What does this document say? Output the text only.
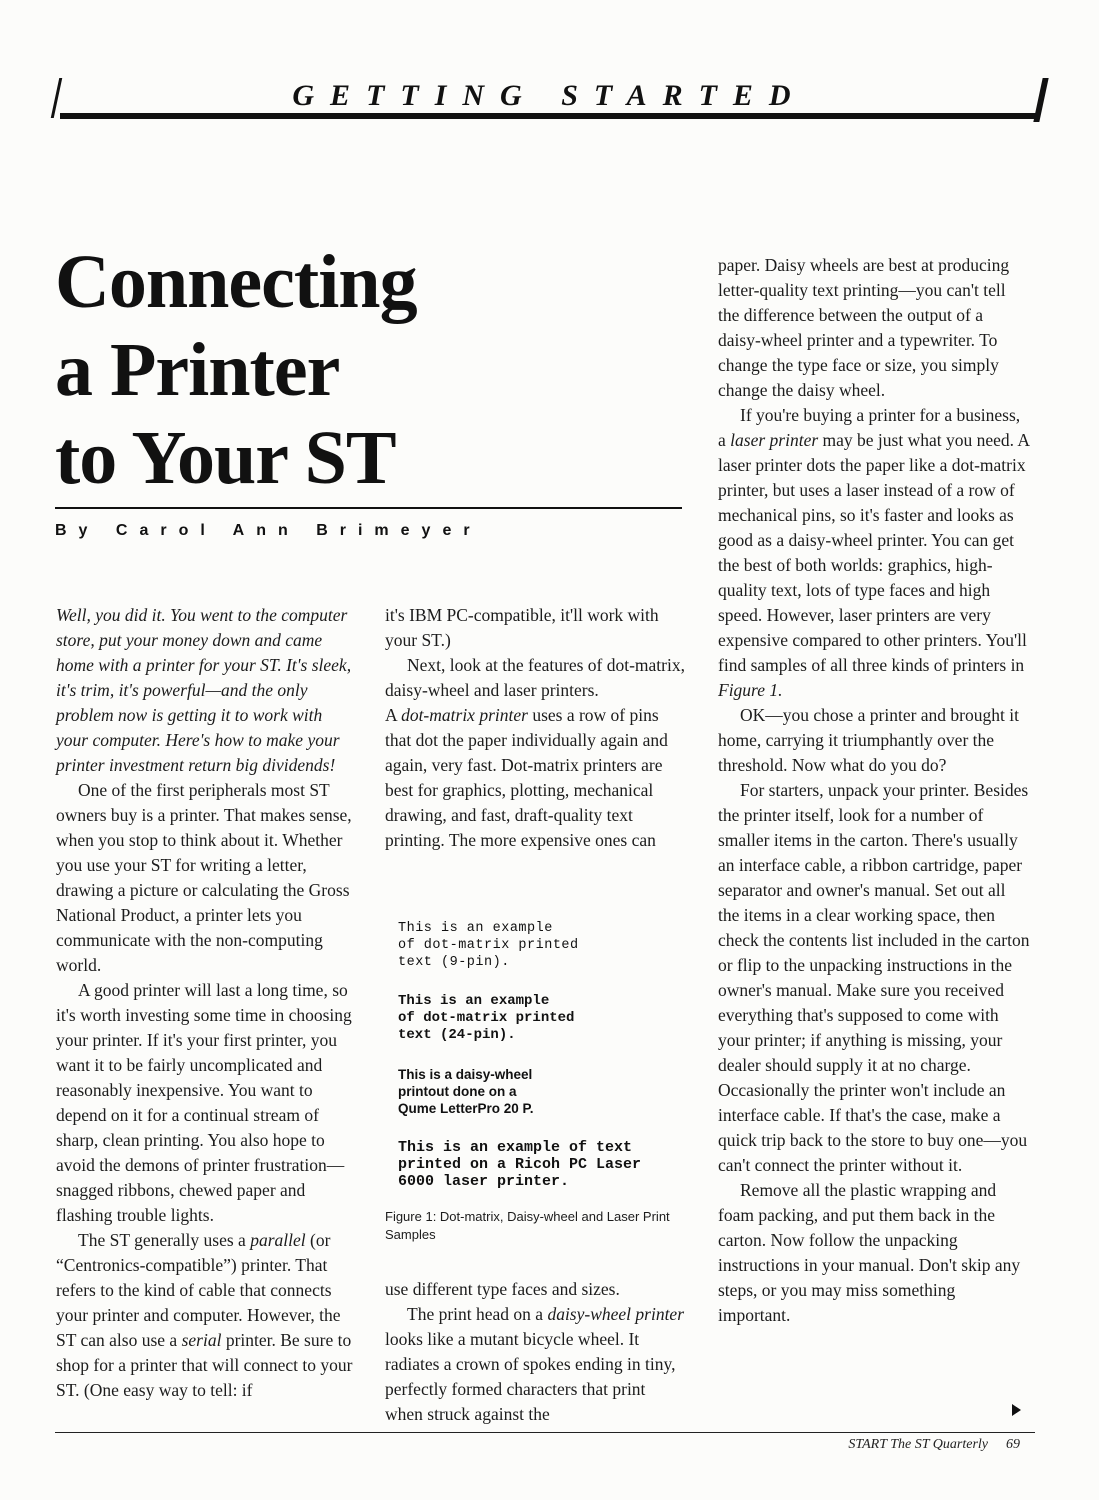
GETTING STARTED
Connecting
a Printer
to Your ST
By Carol Ann Brimeyer

Well, you did it. You went to the computer store, put your money down and came home with a printer for your ST. It's sleek, it's trim, it's powerful—and the only problem now is getting it to work with your computer. Here's how to make your printer investment return big dividends!

One of the first peripherals most ST owners buy is a printer. That makes sense, when you stop to think about it. Whether you use your ST for writing a letter, drawing a picture or calculating the Gross National Product, a printer lets you communicate with the non-computing world.

A good printer will last a long time, so it's worth investing some time in choosing your printer. If it's your first printer, you want it to be fairly uncomplicated and reasonably inexpensive. You want to depend on it for a continual stream of sharp, clean printing. You also hope to avoid the demons of printer frustration—snagged ribbons, chewed paper and flashing trouble lights.

The ST generally uses a parallel (or “Centronics-compatible”) printer. That refers to the kind of cable that connects your printer and computer. However, the ST can also use a serial printer. Be sure to shop for a printer that will connect to your ST. (One easy way to tell: if

it's IBM PC-compatible, it'll work with your ST.)

Next, look at the features of dot-matrix, daisy-wheel and laser printers.

A dot-matrix printer uses a row of pins that dot the paper individually again and again, very fast. Dot-matrix printers are best for graphics, plotting, mechanical drawing, and fast, draft-quality text printing. The more expensive ones can

This is an example
of dot-matrix printed
text (9-pin).
This is an example
of dot-matrix printed
text (24-pin).
This is a daisy-wheel
printout done on a
Qume LetterPro 20 P.
This is an example of text
printed on a Ricoh PC Laser
6000 laser printer.
Figure 1: Dot-matrix, Daisy-wheel and Laser Print Samples

use different type faces and sizes.

The print head on a daisy-wheel printer looks like a mutant bicycle wheel. It radiates a crown of spokes ending in tiny, perfectly formed characters that print when struck against the

paper. Daisy wheels are best at producing letter-quality text printing—you can't tell the difference between the output of a daisy-wheel printer and a typewriter. To change the type face or size, you simply change the daisy wheel.

If you're buying a printer for a business, a laser printer may be just what you need. A laser printer dots the paper like a dot-matrix printer, but uses a laser instead of a row of mechanical pins, so it's faster and looks as good as a daisy-wheel printer. You can get the best of both worlds: graphics, high-quality text, lots of type faces and high speed. However, laser printers are very expensive compared to other printers. You'll find samples of all three kinds of printers in Figure 1.

OK—you chose a printer and brought it home, carrying it triumphantly over the threshold. Now what do you do?

For starters, unpack your printer. Besides the printer itself, look for a number of smaller items in the carton. There's usually an interface cable, a ribbon cartridge, paper separator and owner's manual. Set out all the items in a clear working space, then check the contents list included in the carton or flip to the unpacking instructions in the owner's manual. Make sure you received everything that's supposed to come with your printer; if anything is missing, your dealer should supply it at no charge. Occasionally the printer won't include an interface cable. If that's the case, make a quick trip back to the store to buy one—you can't connect the printer without it.

Remove all the plastic wrapping and foam packing, and put them back in the carton. Now follow the unpacking instructions in your manual. Don't skip any steps, or you may miss something important.

START The ST Quarterly 69
